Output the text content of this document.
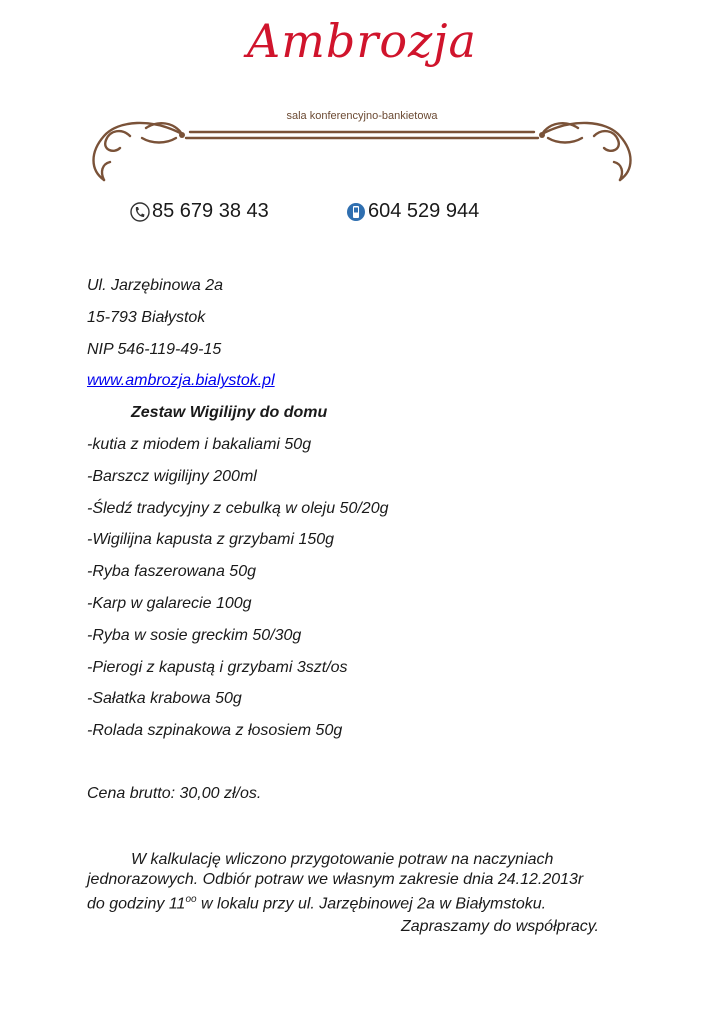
Ambrozja
sala konferencyjno-bankietowa
85 679 38 43	604 529 944
Ul. Jarzębinowa 2a
15-793 Białystok
NIP 546-119-49-15
www.ambrozja.bialystok.pl
Zestaw Wigilijny do domu
-kutia z miodem i bakaliami 50g
-Barszcz wigilijny 200ml
-Śledź tradycyjny z cebulką w oleju 50/20g
-Wigilijna kapusta z grzybami 150g
-Ryba faszerowana 50g
-Karp w galarecie 100g
-Ryba w sosie greckim 50/30g
-Pierogi z kapustą i grzybami 3szt/os
-Sałatka krabowa 50g
-Rolada szpinakowa z łososiem 50g
Cena brutto: 30,00 zł/os.
W kalkulację wliczono przygotowanie potraw na naczyniach
jednorazowych. Odbiór potraw we własnym zakresie dnia 24.12.2013r
do godziny $11^{oo}$ w lokalu przy ul. Jarzębinowej 2a w Białymstoku.
Zapraszamy do współpracy.
